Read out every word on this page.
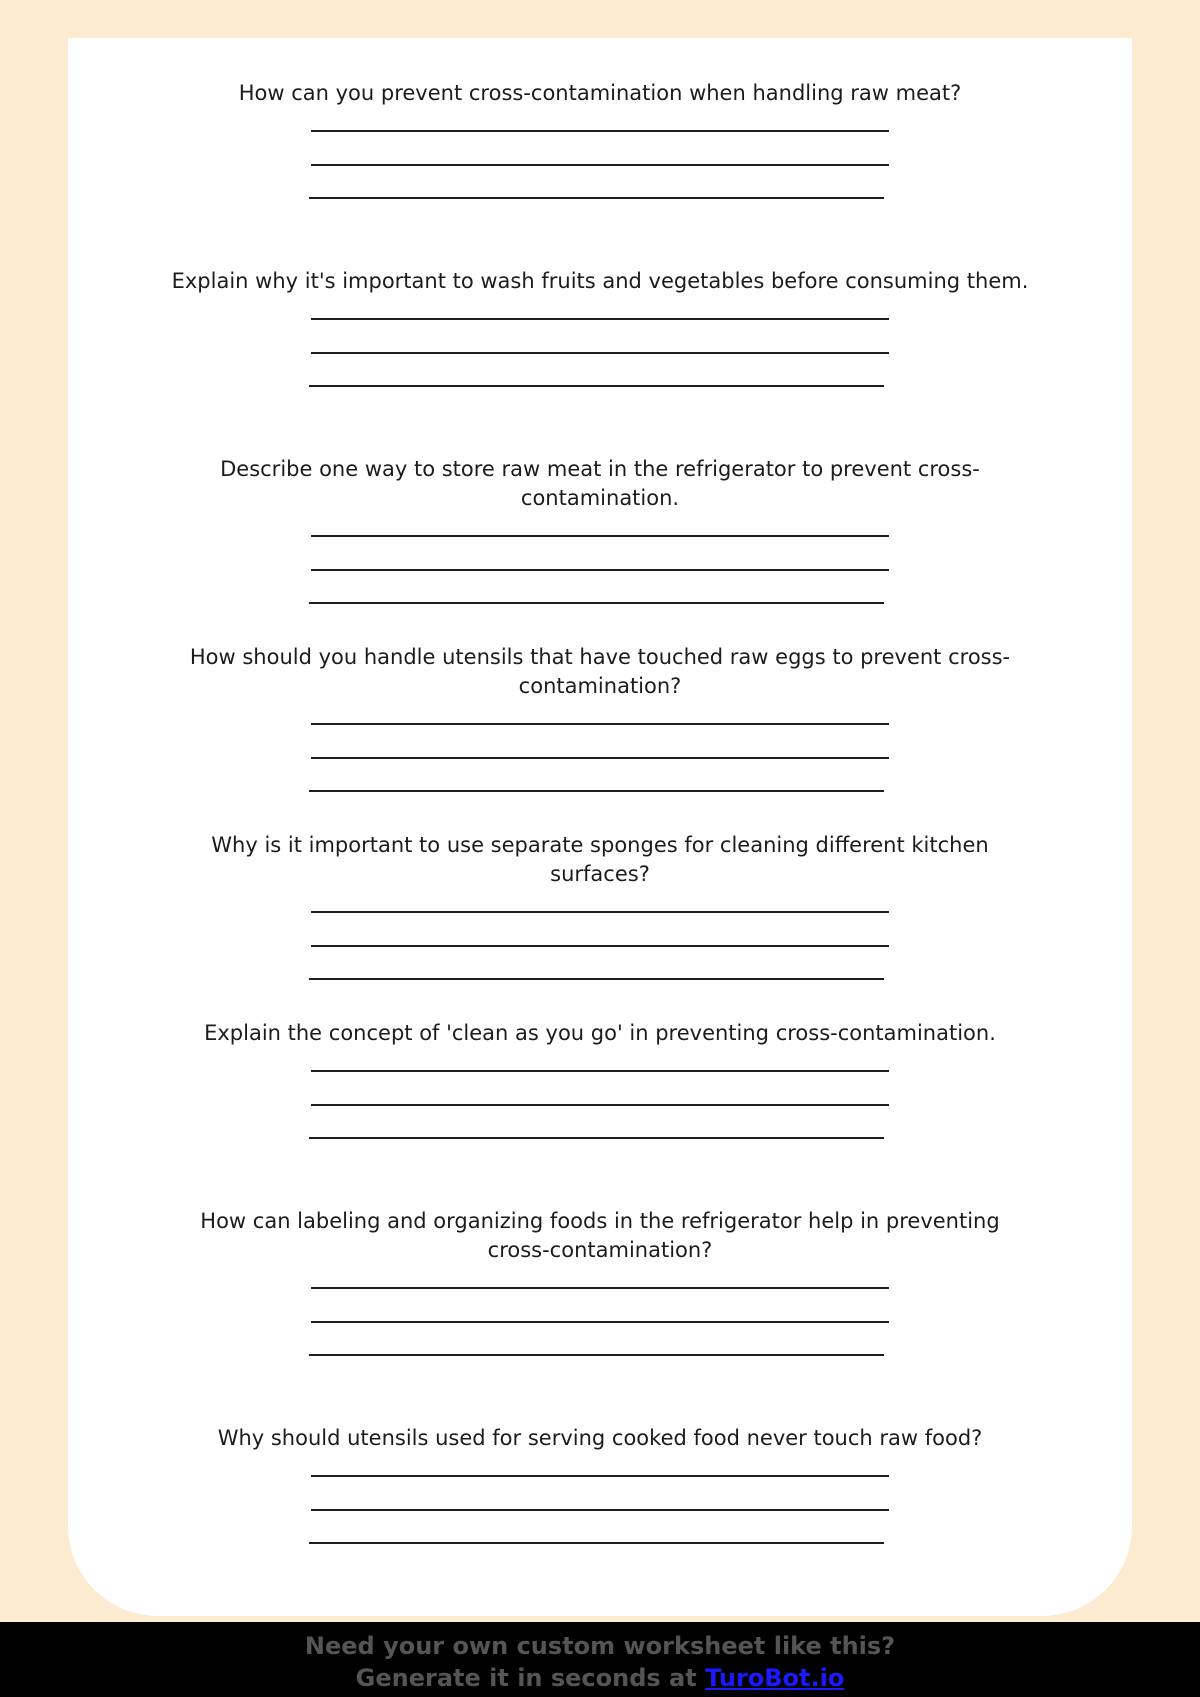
How can you prevent cross-contamination when handling raw meat?
Explain why it's important to wash fruits and vegetables before consuming them.
Describe one way to store raw meat in the refrigerator to prevent cross-contamination.
How should you handle utensils that have touched raw eggs to prevent cross-contamination?
Why is it important to use separate sponges for cleaning different kitchen surfaces?
Explain the concept of 'clean as you go' in preventing cross-contamination.
How can labeling and organizing foods in the refrigerator help in preventing cross-contamination?
Why should utensils used for serving cooked food never touch raw food?
Need your own custom worksheet like this?
Generate it in seconds at TuroBot.io
